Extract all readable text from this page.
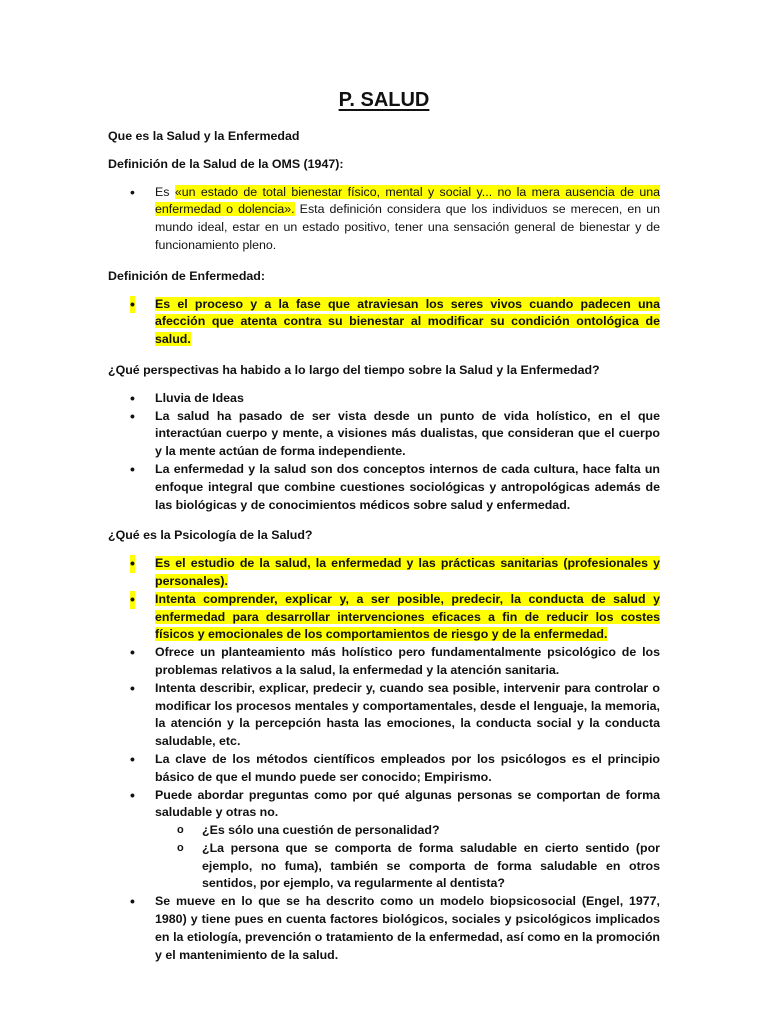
P. SALUD
Que es la Salud y la Enfermedad
Definición de la Salud de la OMS (1947):
• Es «un estado de total bienestar físico, mental y social y... no la mera ausencia de una enfermedad o dolencia». Esta definición considera que los individuos se merecen, en un mundo ideal, estar en un estado positivo, tener una sensación general de bienestar y de funcionamiento pleno.
Definición de Enfermedad:
• Es el proceso y a la fase que atraviesan los seres vivos cuando padecen una afección que atenta contra su bienestar al modificar su condición ontológica de salud.
¿Qué perspectivas ha habido a lo largo del tiempo sobre la Salud y la Enfermedad?
• Lluvia de Ideas
• La salud ha pasado de ser vista desde un punto de vida holístico, en el que interactúan cuerpo y mente, a visiones más dualistas, que consideran que el cuerpo y la mente actúan de forma independiente.
• La enfermedad y la salud son dos conceptos internos de cada cultura, hace falta un enfoque integral que combine cuestiones sociológicas y antropológicas además de las biológicas y de conocimientos médicos sobre salud y enfermedad.
¿Qué es la Psicología de la Salud?
• Es el estudio de la salud, la enfermedad y las prácticas sanitarias (profesionales y personales).
• Intenta comprender, explicar y, a ser posible, predecir, la conducta de salud y enfermedad para desarrollar intervenciones eficaces a fin de reducir los costes físicos y emocionales de los comportamientos de riesgo y de la enfermedad.
• Ofrece un planteamiento más holístico pero fundamentalmente psicológico de los problemas relativos a la salud, la enfermedad y la atención sanitaria.
• Intenta describir, explicar, predecir y, cuando sea posible, intervenir para controlar o modificar los procesos mentales y comportamentales, desde el lenguaje, la memoria, la atención y la percepción hasta las emociones, la conducta social y la conducta saludable, etc.
• La clave de los métodos científicos empleados por los psicólogos es el principio básico de que el mundo puede ser conocido; Empirismo.
• Puede abordar preguntas como por qué algunas personas se comportan de forma saludable y otras no.
o ¿Es sólo una cuestión de personalidad?
o ¿La persona que se comporta de forma saludable en cierto sentido (por ejemplo, no fuma), también se comporta de forma saludable en otros sentidos, por ejemplo, va regularmente al dentista?
• Se mueve en lo que se ha descrito como un modelo biopsicosocial (Engel, 1977, 1980) y tiene pues en cuenta factores biológicos, sociales y psicológicos implicados en la etiología, prevención o tratamiento de la enfermedad, así como en la promoción y el mantenimiento de la salud.
